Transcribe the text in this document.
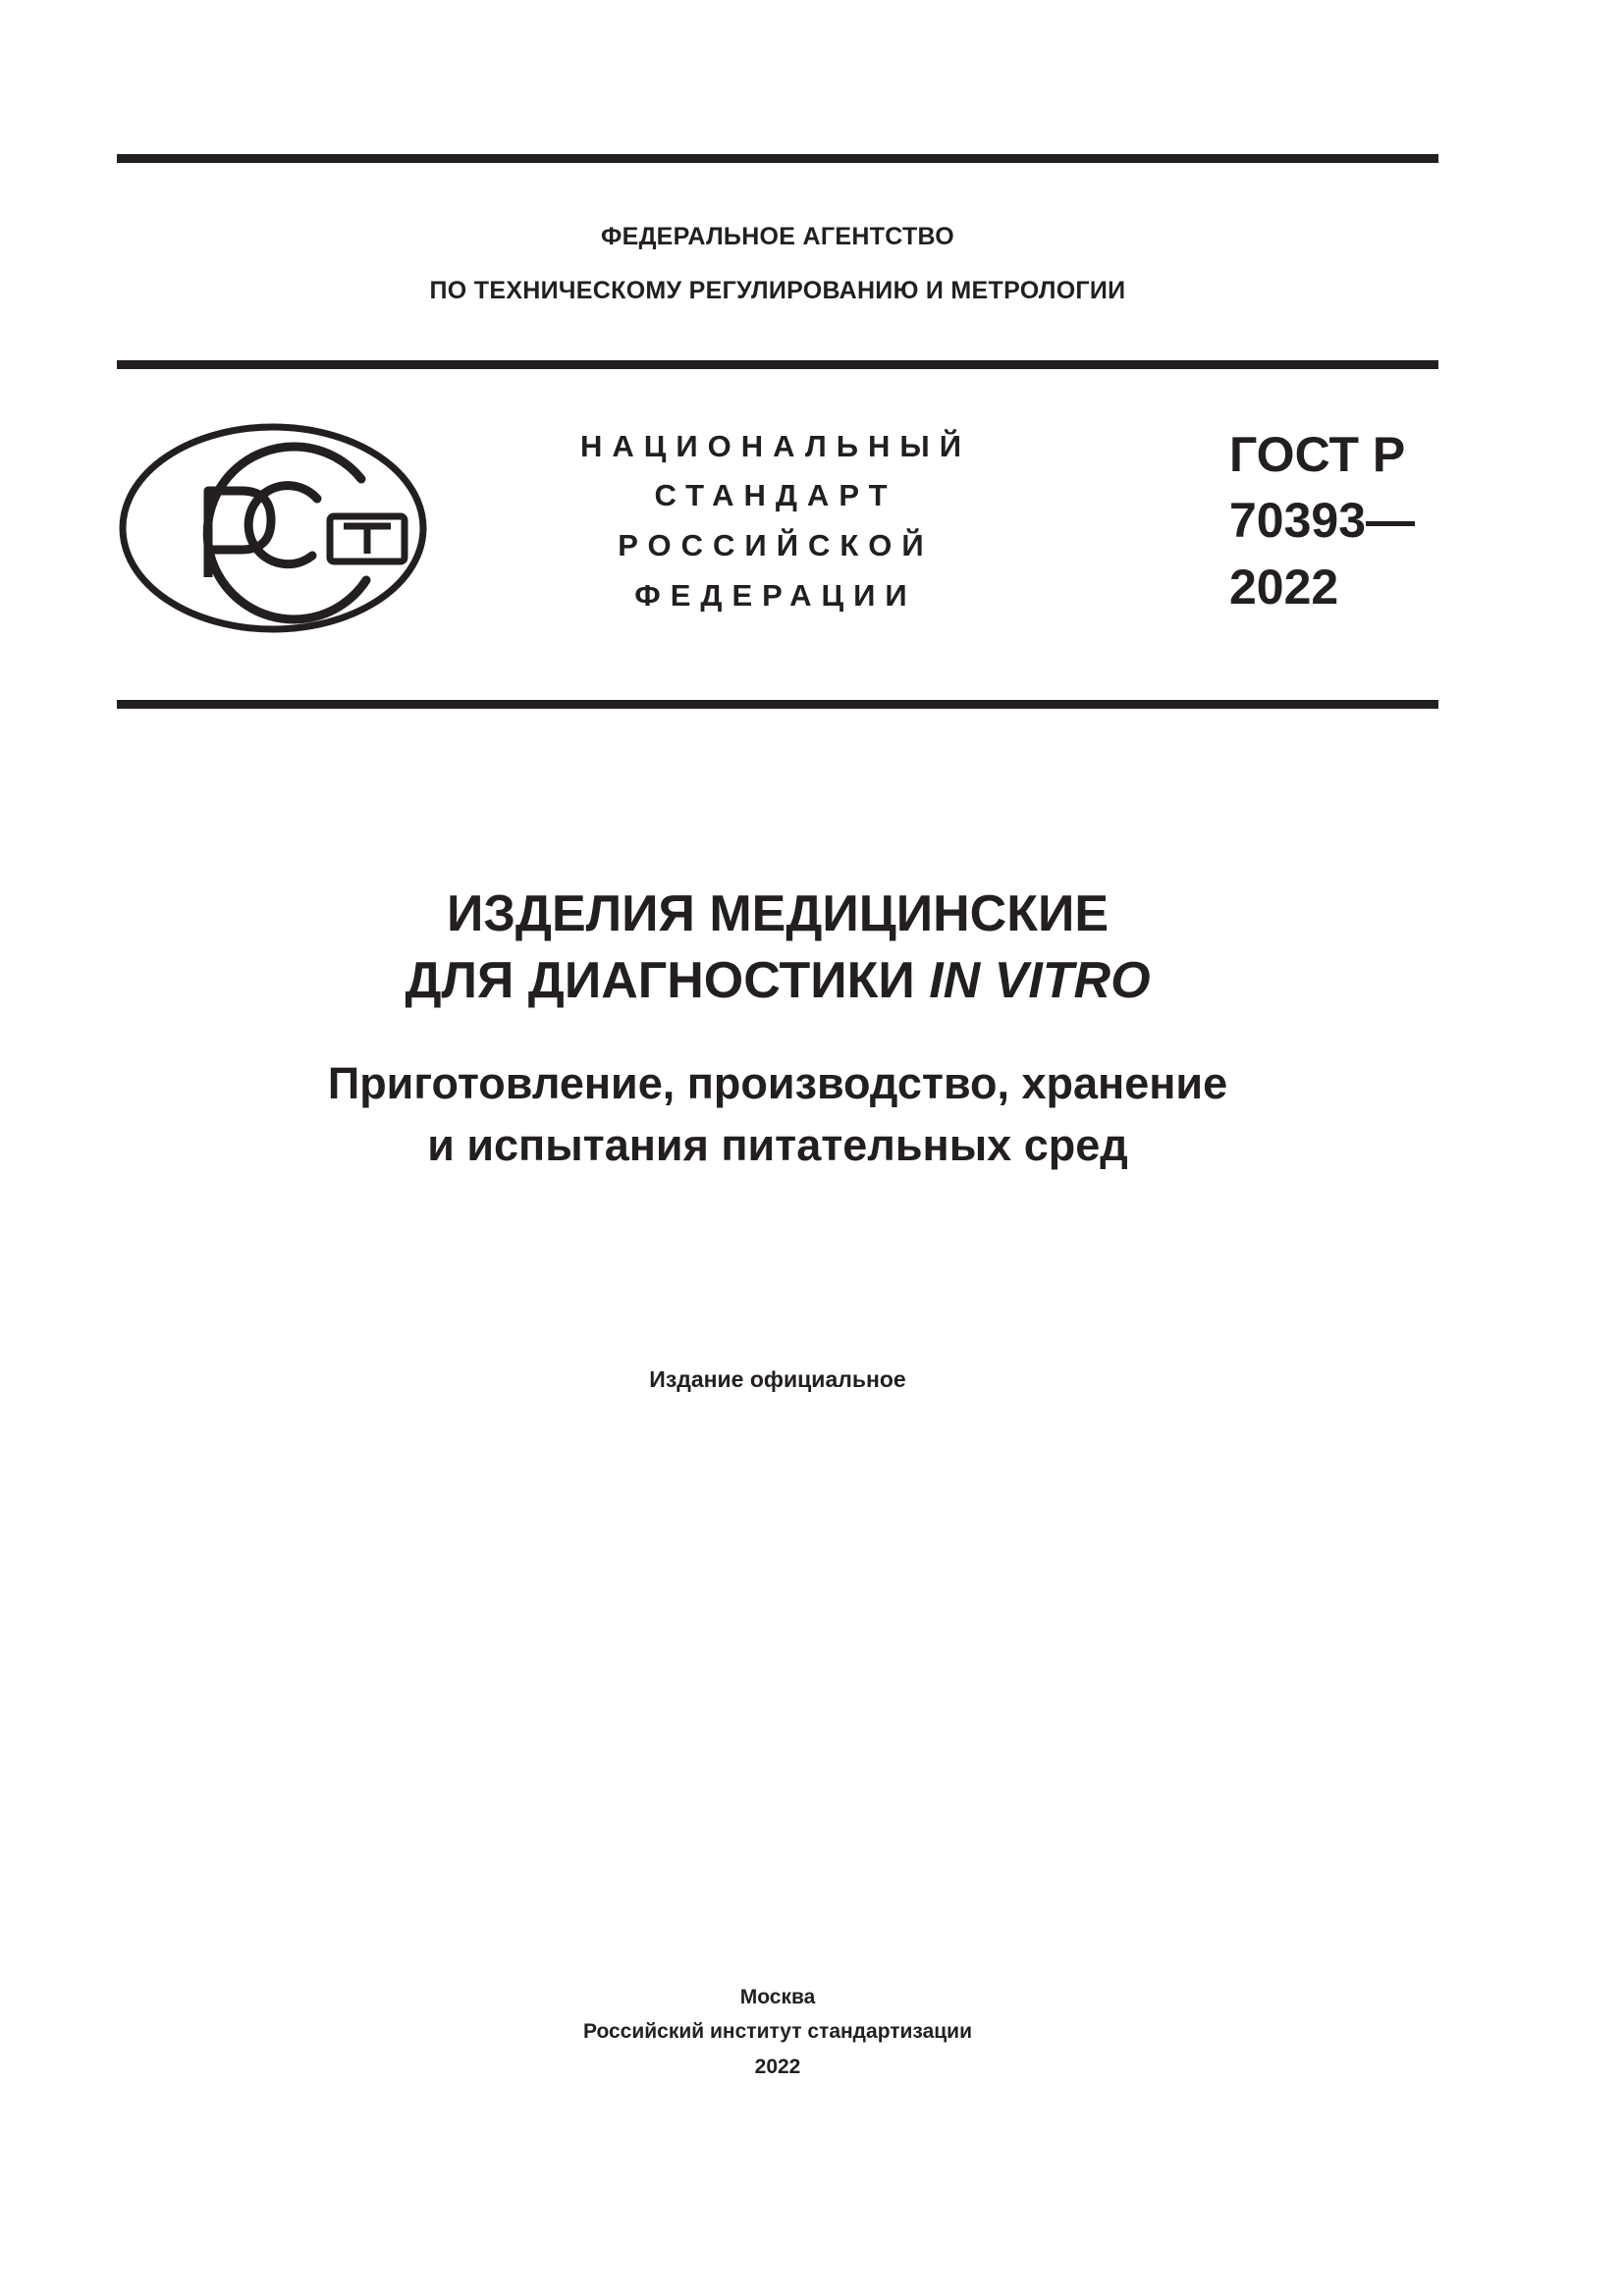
ФЕДЕРАЛЬНОЕ АГЕНТСТВО
ПО ТЕХНИЧЕСКОМУ РЕГУЛИРОВАНИЮ И МЕТРОЛОГИИ
НАЦИОНАЛЬНЫЙ
СТАНДАРТ
РОССИЙСКОЙ
ФЕДЕРАЦИИ
ГОСТ Р
70393—
2022
ИЗДЕЛИЯ МЕДИЦИНСКИЕ
ДЛЯ ДИАГНОСТИКИ IN VITRO
Приготовление, производство, хранение
и испытания питательных сред
Издание официальное
Москва
Российский институт стандартизации
2022
